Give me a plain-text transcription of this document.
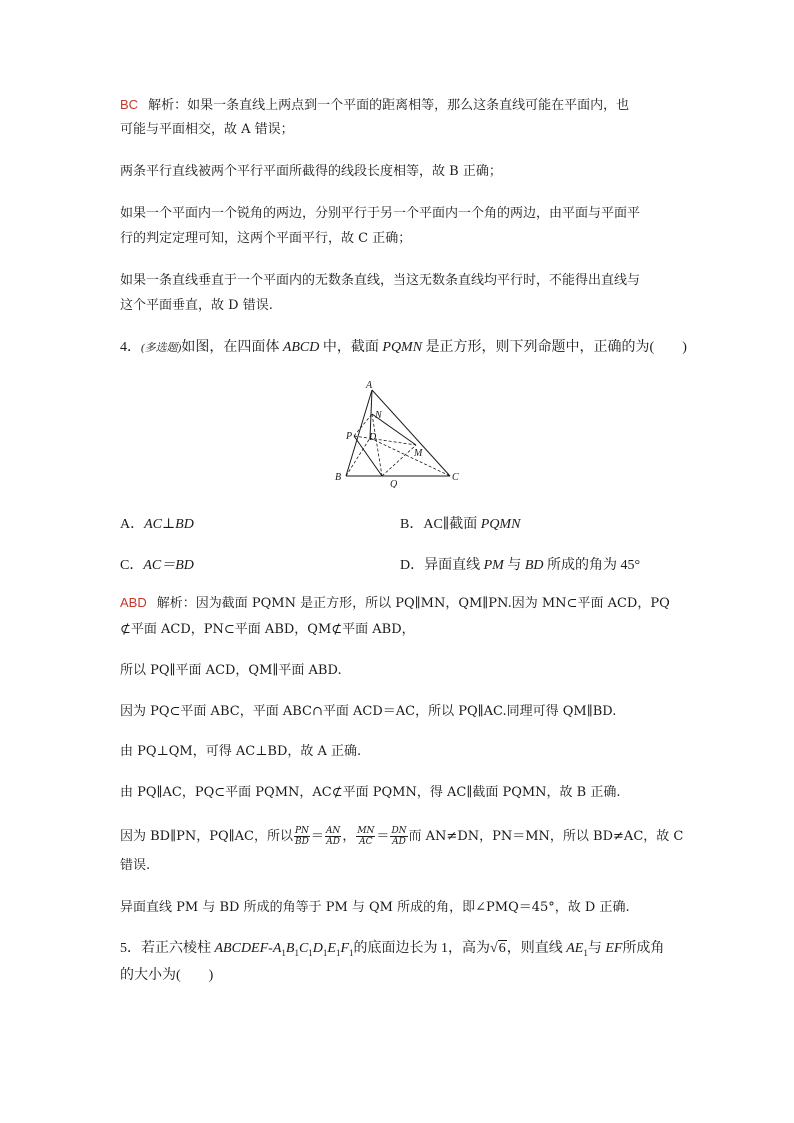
BC 解析：如果一条直线上两点到一个平面的距离相等，那么这条直线可能在平面内，也
可能与平面相交，故 A 错误；
两条平行直线被两个平行平面所截得的线段长度相等，故 B 正确；
如果一个平面内一个锐角的两边，分别平行于另一个平面内一个角的两边，由平面与平面平
行的判定定理可知，这两个平面平行，故 C 正确；
如果一条直线垂直于一个平面内的无数条直线，当这无数条直线均平行时，不能得出直线与
这个平面垂直，故 D 错误.
4．(多选题)如图，在四面体 ABCD 中，截面 PQMN 是正方形，则下列命题中，正确的为(　　)
A
N
P D
M
B
Q
C
A．AC⊥BD	B．AC∥截面 PQMN
C．AC＝BD	D．异面直线 PM 与 BD 所成的角为 45°
ABD 解析：因为截面 PQMN 是正方形，所以 PQ∥MN，QM∥PN.因为 MN⊂平面 ACD，PQ
⊄平面 ACD，PN⊂平面 ABD，QM⊄平面 ABD，
所以 PQ∥平面 ACD，QM∥平面 ABD.
因为 PQ⊂平面 ABC，平面 ABC∩平面 ACD＝AC，所以 PQ∥AC.同理可得 QM∥BD.
由 PQ⊥QM，可得 AC⊥BD，故 A 正确.
由 PQ∥AC，PQ⊂平面 PQMN，AC⊄平面 PQMN，得 AC∥截面 PQMN，故 B 正确.
因为 BD∥PN，PQ∥AC，所以 $\frac{PN}{BD} = \frac{AN}{AD}$ ， $\frac{MN}{AC} = \frac{DN}{AD}$ 而 AN≠DN，PN＝MN，所以 BD≠AC，故 C
错误.
异面直线 PM 与 BD 所成的角等于 PM 与 QM 所成的角，即∠PMQ＝45°，故 D 正确.
5．若正六棱柱 ABCDEF-$A_1B_1C_1D_1E_1F_1$的底面边长为 1，高为√6，则直线 $AE_1$与 EF所成角
的大小为(　　)
